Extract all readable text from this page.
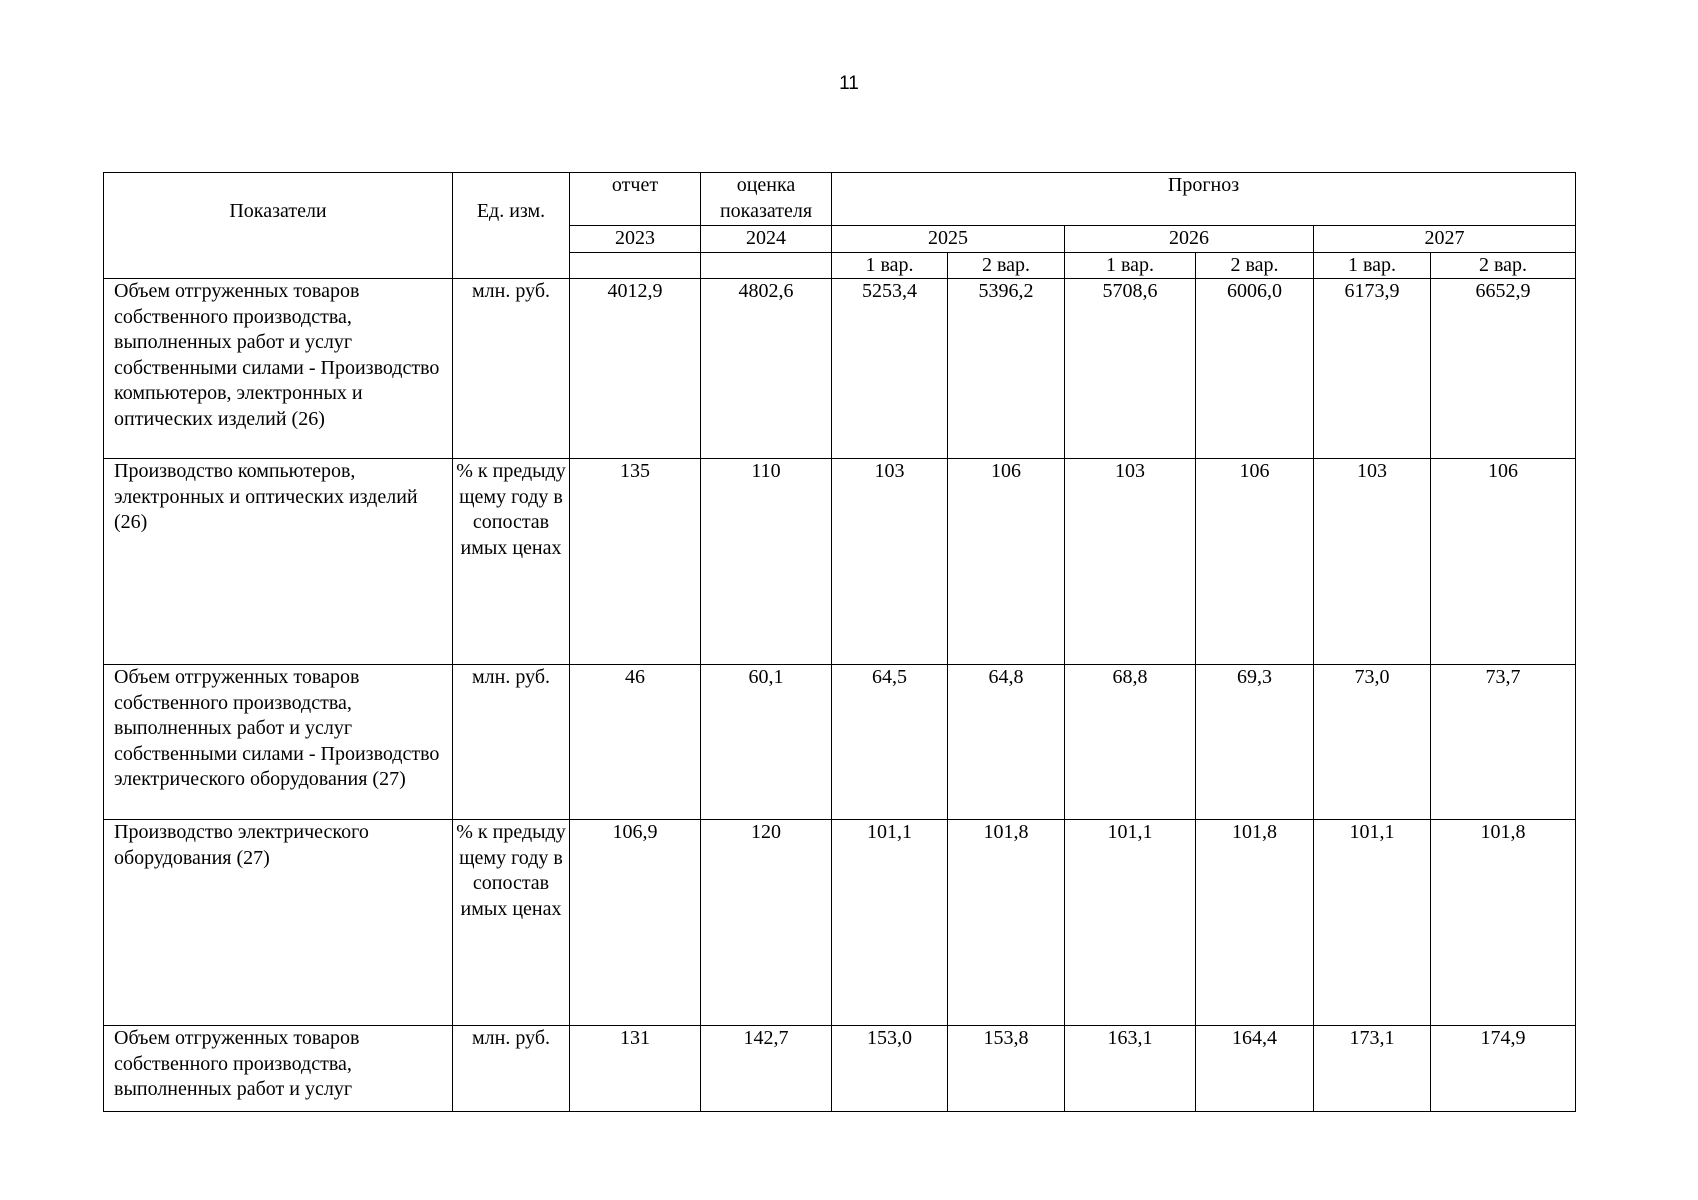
11
Показатели	Ед. изм.	отчет	оценка показателя	Прогноз					
		2023	2024	2025		2026		2027	
				1 вар.	2 вар.	1 вар.	2 вар.	1 вар.	2 вар.
Объем отгруженных товаров собственного производства, выполненных работ и услуг собственными силами - Производство компьютеров, электронных и оптических изделий (26)	млн. руб.	4012,9	4802,6	5253,4	5396,2	5708,6	6006,0	6173,9	6652,9
Производство компьютеров, электронных и оптических изделий (26)	% к предыду щему году в сопостав имых ценах	135	110	103	106	103	106	103	106
Объем отгруженных товаров собственного производства, выполненных работ и услуг собственными силами - Производство электрического оборудования (27)	млн. руб.	46	60,1	64,5	64,8	68,8	69,3	73,0	73,7
Производство электрического оборудования (27)	% к предыду щему году в сопостав имых ценах	106,9	120	101,1	101,8	101,1	101,8	101,1	101,8
Объем отгруженных товаров собственного производства, выполненных работ и услуг	млн. руб.	131	142,7	153,0	153,8	163,1	164,4	173,1	174,9
